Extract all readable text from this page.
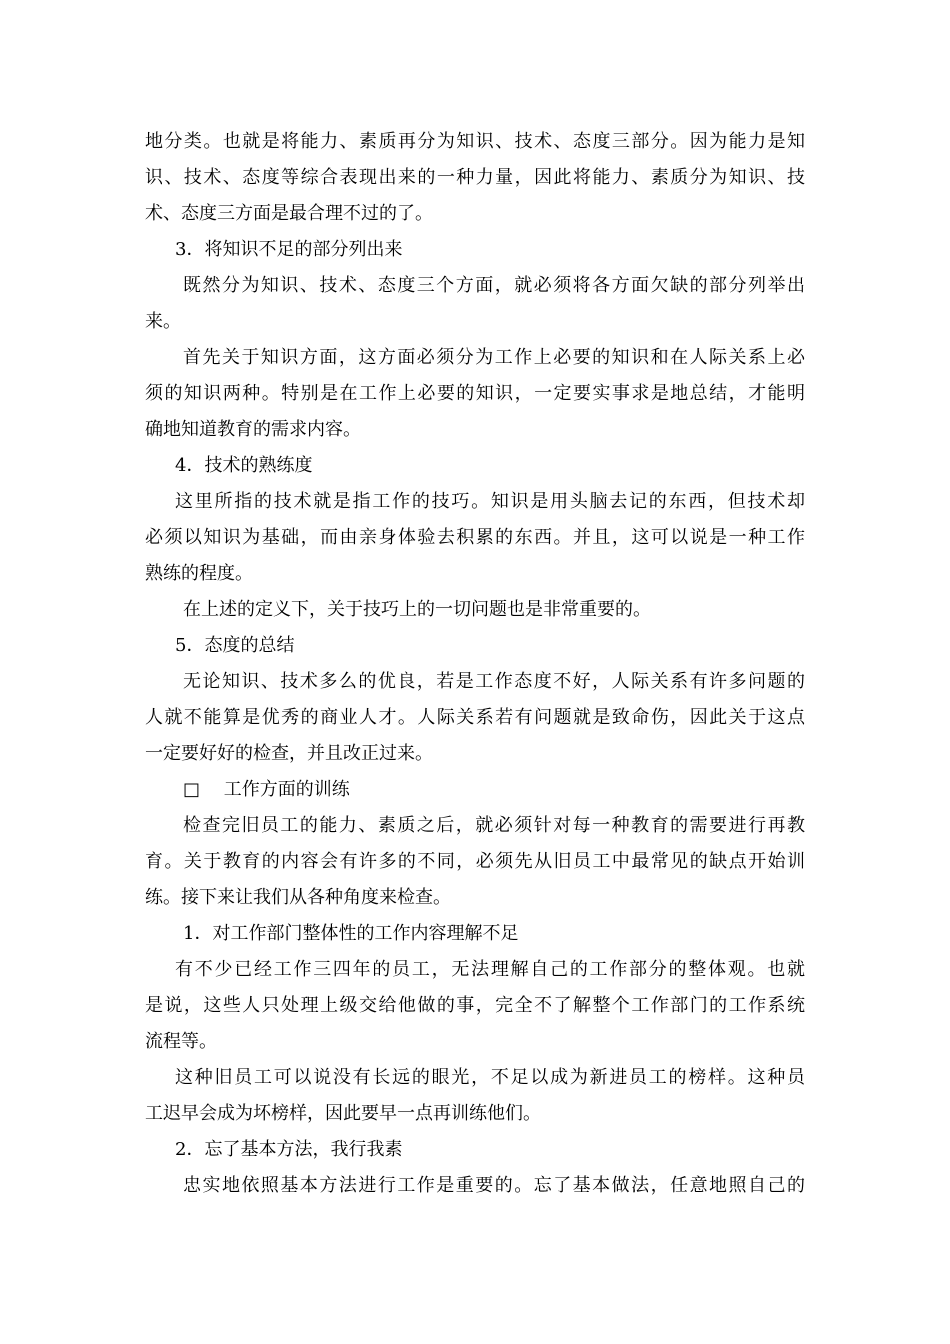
地分类。也就是将能力、素质再分为知识、技术、态度三部分。因为能力是知
识、技术、态度等综合表现出来的一种力量，因此将能力、素质分为知识、技
术、态度三方面是最合理不过的了。
3．将知识不足的部分列出来
既然分为知识、技术、态度三个方面，就必须将各方面欠缺的部分列举出
来。
首先关于知识方面，这方面必须分为工作上必要的知识和在人际关系上必
须的知识两种。特别是在工作上必要的知识，一定要实事求是地总结，才能明
确地知道教育的需求内容。
4．技术的熟练度
这里所指的技术就是指工作的技巧。知识是用头脑去记的东西，但技术却
必须以知识为基础，而由亲身体验去积累的东西。并且，这可以说是一种工作
熟练的程度。
在上述的定义下，关于技巧上的一切问题也是非常重要的。
5．态度的总结
无论知识、技术多么的优良，若是工作态度不好，人际关系有许多问题的
人就不能算是优秀的商业人才。人际关系若有问题就是致命伤，因此关于这点
一定要好好的检查，并且改正过来。
□　 工作方面的训练
检查完旧员工的能力、素质之后，就必须针对每一种教育的需要进行再教
育。关于教育的内容会有许多的不同，必须先从旧员工中最常见的缺点开始训
练。接下来让我们从各种角度来检查。
1．对工作部门整体性的工作内容理解不足
有不少已经工作三四年的员工，无法理解自己的工作部分的整体观。也就
是说，这些人只处理上级交给他做的事，完全不了解整个工作部门的工作系统
流程等。
这种旧员工可以说没有长远的眼光，不足以成为新进员工的榜样。这种员
工迟早会成为坏榜样，因此要早一点再训练他们。
2．忘了基本方法，我行我素
忠实地依照基本方法进行工作是重要的。忘了基本做法，任意地照自己的
